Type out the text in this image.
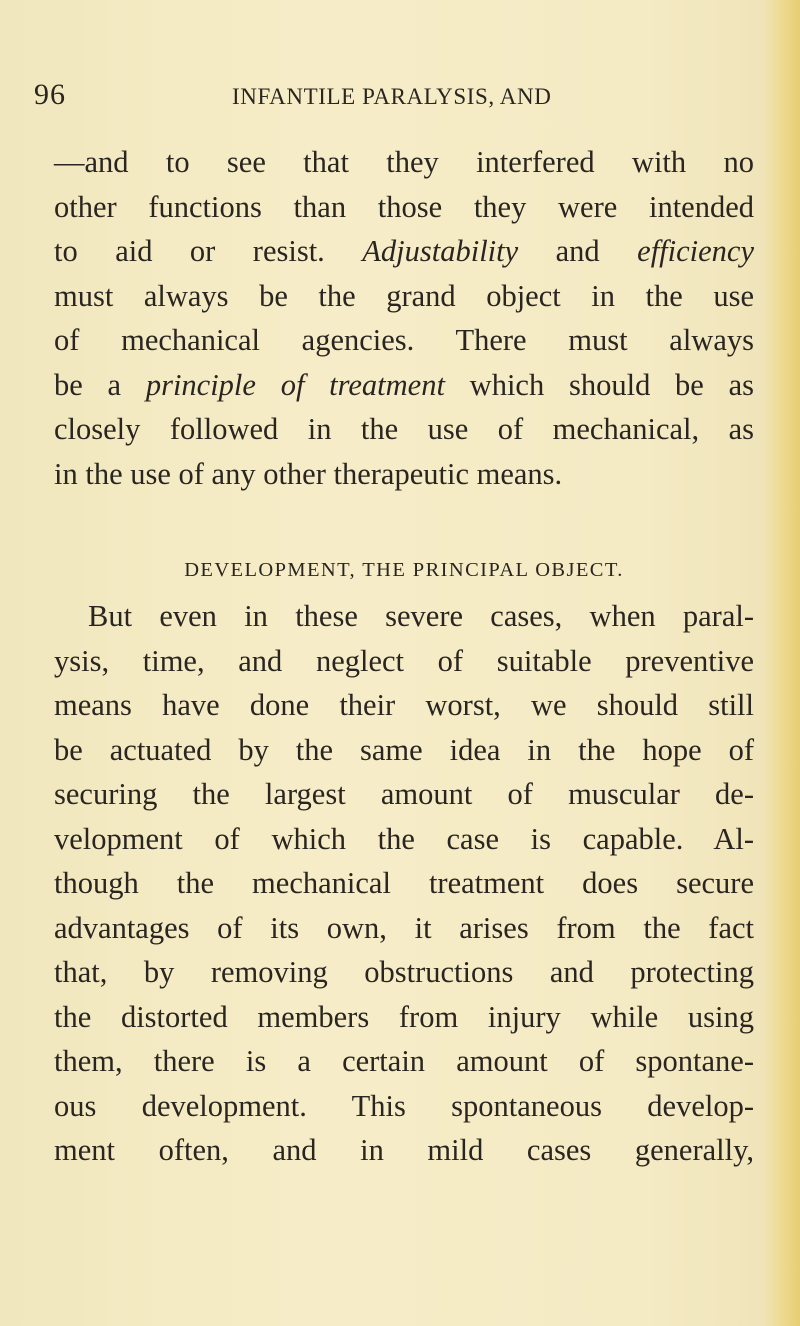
96	INFANTILE PARALYSIS, AND
—and to see that they interfered with no
other functions than those they were intended
to aid or resist. Adjustability and efficiency
must always be the grand object in the use
of mechanical agencies. There must always
be a principle of treatment which should be as
closely followed in the use of mechanical, as
in the use of any other therapeutic means.
DEVELOPMENT, THE PRINCIPAL OBJECT.
But even in these severe cases, when paral-
ysis, time, and neglect of suitable preventive
means have done their worst, we should still
be actuated by the same idea in the hope of
securing the largest amount of muscular de-
velopment of which the case is capable. Al-
though the mechanical treatment does secure
advantages of its own, it arises from the fact
that, by removing obstructions and protecting
the distorted members from injury while using
them, there is a certain amount of spontane-
ous development. This spontaneous develop-
ment often, and in mild cases generally,
